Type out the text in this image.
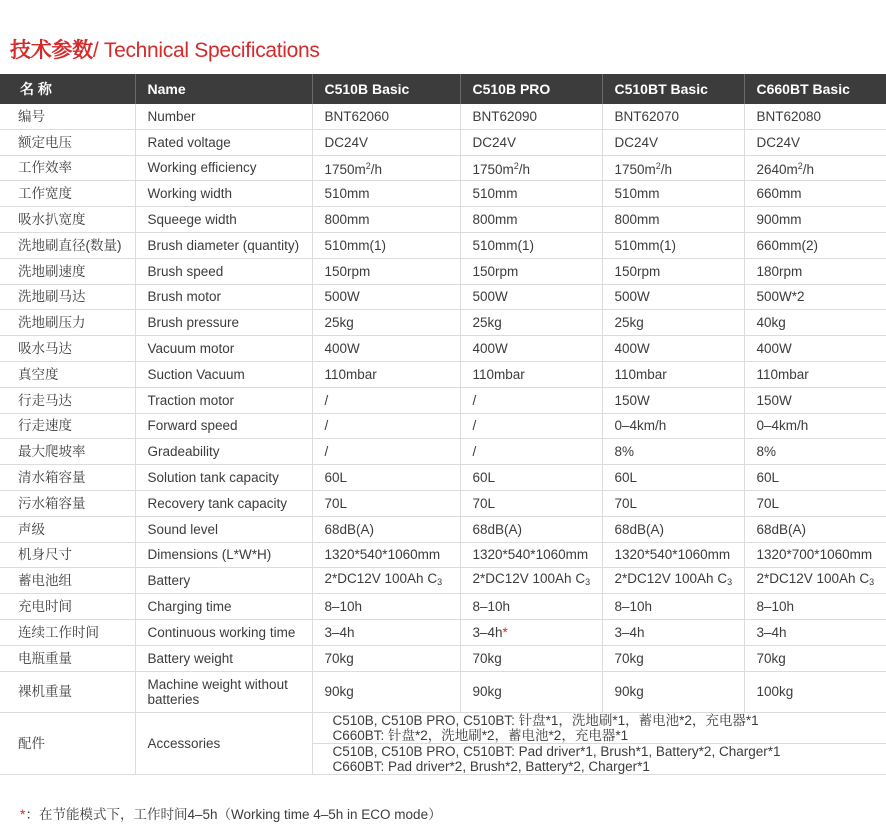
技术参数/ Technical Specifications
名 称	Name	C510B Basic	C510B PRO	C510BT Basic	C660BT Basic
编号	Number	BNT62060	BNT62090	BNT62070	BNT62080
额定电压	Rated voltage	DC24V	DC24V	DC24V	DC24V
工作效率	Working efficiency	$1750m^2/h$	$1750m^2/h$	$1750m^2/h$	$2640m^2/h$
工作宽度	Working width	510mm	510mm	510mm	660mm
吸水扒宽度	Squeege width	800mm	800mm	800mm	900mm
洗地刷直径(数量)	Brush diameter (quantity)	510mm(1)	510mm(1)	510mm(1)	660mm(2)
洗地刷速度	Brush speed	150rpm	150rpm	150rpm	180rpm
洗地刷马达	Brush motor	500W	500W	500W	500W*2
洗地刷压力	Brush pressure	25kg	25kg	25kg	40kg
吸水马达	Vacuum motor	400W	400W	400W	400W
真空度	Suction Vacuum	110mbar	110mbar	110mbar	110mbar
行走马达	Traction motor	/	/	150W	150W
行走速度	Forward speed	/	/	0–4km/h	0–4km/h
最大爬坡率	Gradeability	/	/	8%	8%
清水箱容量	Solution tank capacity	60L	60L	60L	60L
污水箱容量	Recovery tank capacity	70L	70L	70L	70L
声级	Sound level	68dB(A)	68dB(A)	68dB(A)	68dB(A)
机身尺寸	Dimensions (L*W*H)	1320*540*1060mm	1320*540*1060mm	1320*540*1060mm	1320*700*1060mm
蓄电池组	Battery	2*DC12V 100Ah $C_3$	2*DC12V 100Ah $C_3$	2*DC12V 100Ah $C_3$	2*DC12V 100Ah $C_3$
充电时间	Charging time	8–10h	8–10h	8–10h	8–10h
连续工作时间	Continuous working time	3–4h	3–4h*	3–4h	3–4h
电瓶重量	Battery weight	70kg	70kg	70kg	70kg
裸机重量	Machine weight without batteries	90kg	90kg	90kg	100kg
配件	Accessories	C510B, C510B PRO, C510BT: 针盘*1，洗地刷*1，蓄电池*2，充电器*1
C660BT: 针盘*2，洗地刷*2，蓄电池*2，充电器*1			

		C510B, C510B PRO, C510BT: Pad driver*1, Brush*1, Battery*2, Charger*1
C660BT: Pad driver*2, Brush*2, Battery*2, Charger*1			
*：在节能模式下，工作时间4–5h（Working time 4–5h in ECO mode）
